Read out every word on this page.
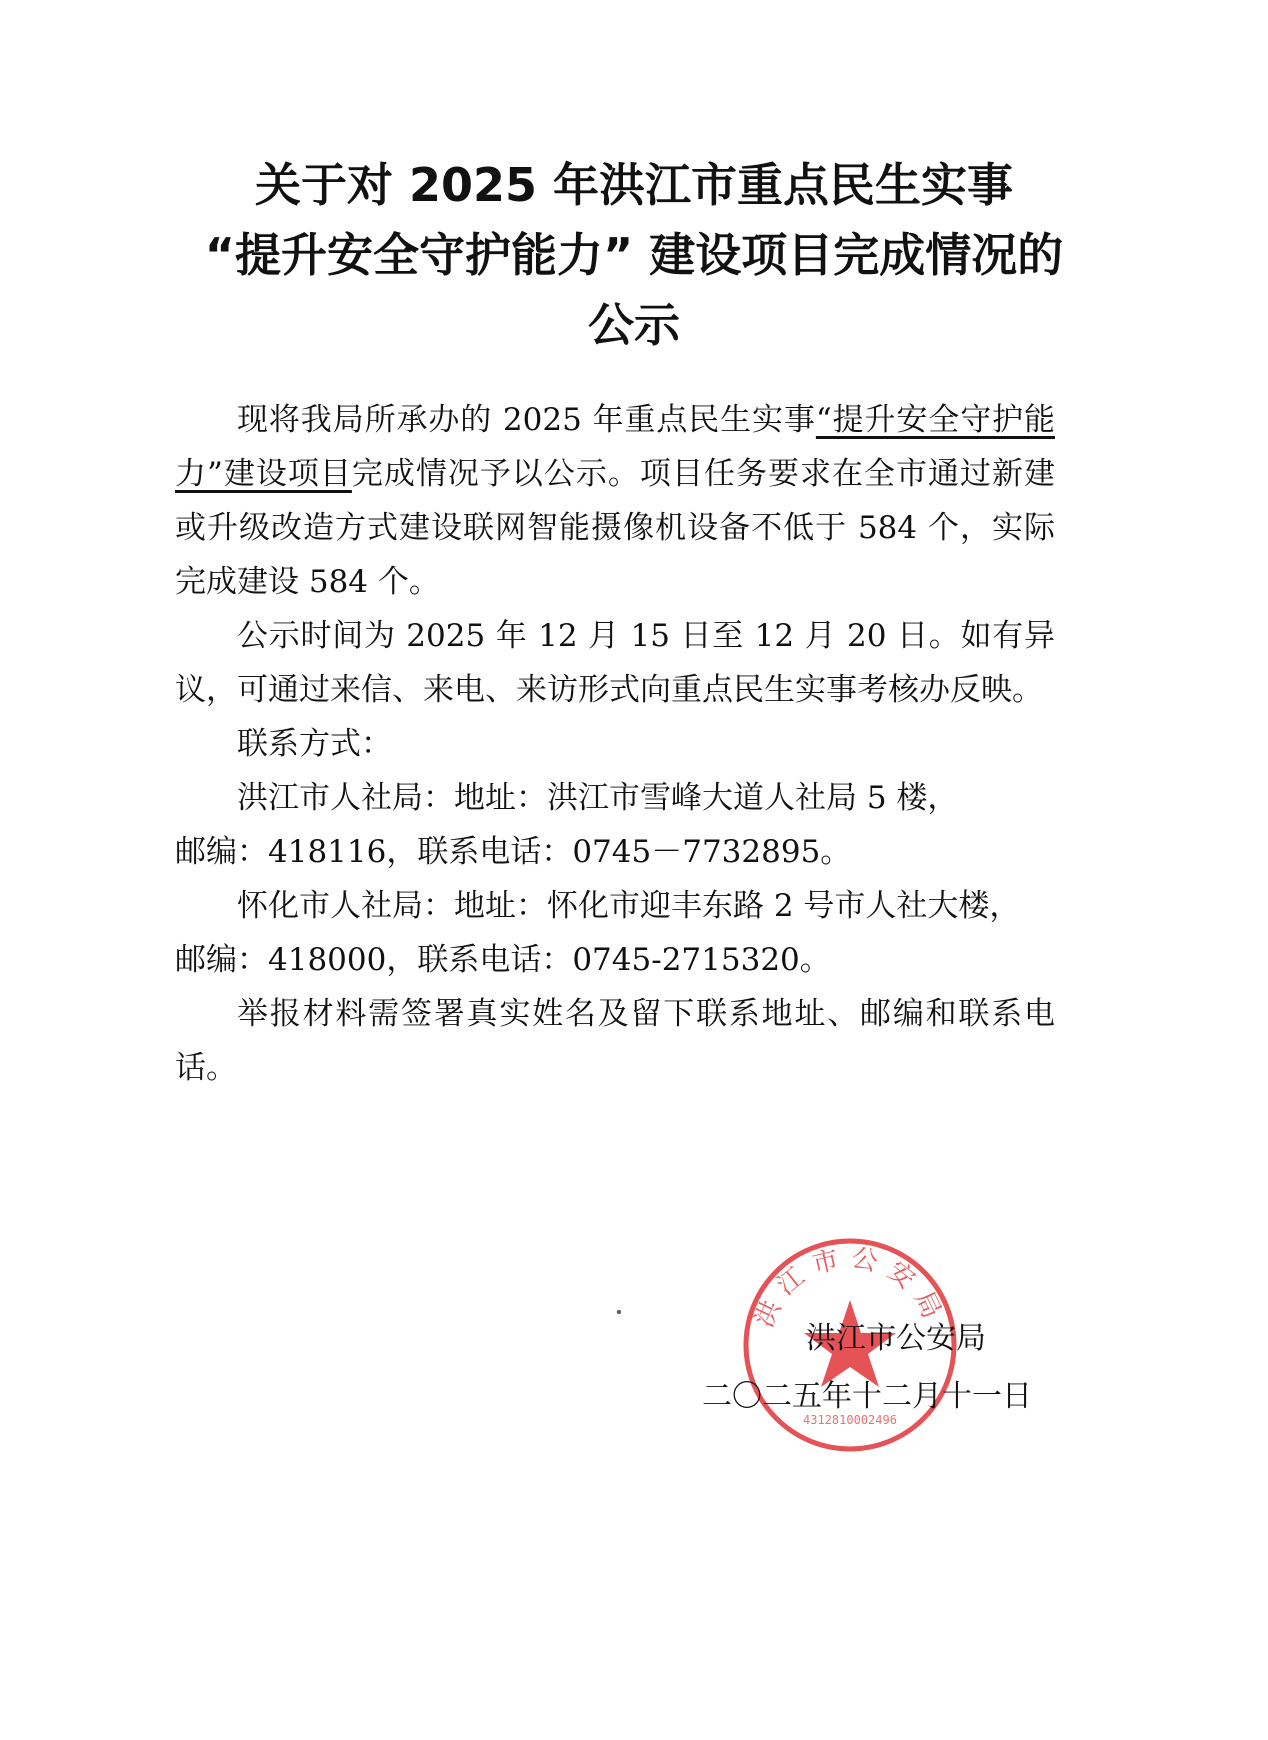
关于对 2025 年洪江市重点民生实事
“提升安全守护能力” 建设项目完成情况的
公示
现将我局所承办的 2025 年重点民生实事“提升安全守护能力”建设项目完成情况予以公示。项目任务要求在全市通过新建或升级改造方式建设联网智能摄像机设备不低于 584 个，实际完成建设 584 个。
公示时间为 2025 年 12 月 15 日至 12 月 20 日。如有异议，可通过来信、来电、来访形式向重点民生实事考核办反映。
联系方式：
洪江市人社局：地址：洪江市雪峰大道人社局 5 楼，
邮编：418116，联系电话：0745－7732895。
怀化市人社局：地址：怀化市迎丰东路 2 号市人社大楼，
邮编：418000，联系电话：0745-2715320。
举报材料需签署真实姓名及留下联系地址、邮编和联系电话。
洪江市公安局
4312810002496
洪江市公安局
二〇二五年十二月十一日
